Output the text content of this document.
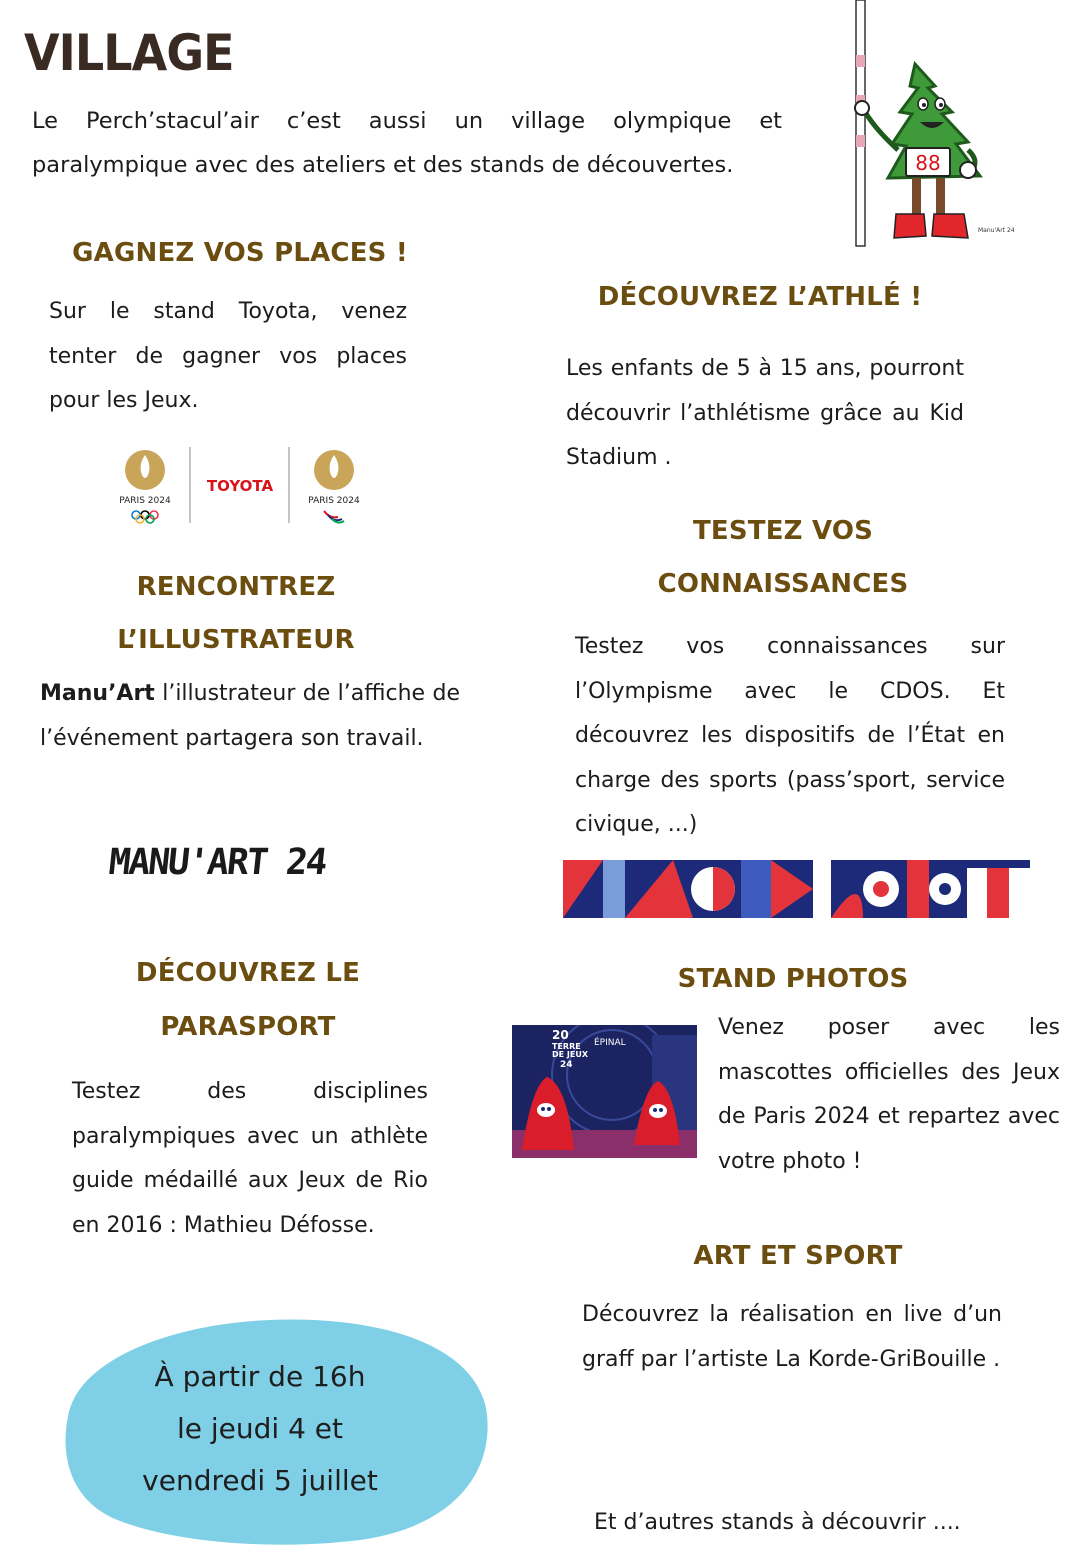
VILLAGE
Le Perch’stacul’air c’est aussi un village olympique et paralympique avec des ateliers et des stands de découvertes.	88
Manu'Art 24
GAGNEZ VOS PLACES !
Sur le stand Toyota, venez tenter de gagner vos places pour les Jeux.
PARIS 2024
TOYOTA
PARIS 2024
DÉCOUVREZ L’ATHLÉ !
Les enfants de 5 à 15 ans, pourront découvrir l’athlétisme grâce au Kid Stadium .
TESTEZ VOS
CONNAISSANCES
Testez vos connaissances sur l’Olympisme avec le CDOS. Et découvrez les dispositifs de l’État en charge des sports (pass’sport, service civique, ...)
RENCONTREZ
L’ILLUSTRATEUR
Manu’Art l’illustrateur de l’affiche de l’événement partagera son travail.
MANU'ART 24
DÉCOUVREZ LE
PARASPORT
Testez des disciplines paralympiques avec un athlète guide médaillé aux Jeux de Rio en 2016 : Mathieu Défosse.
STAND PHOTOS
20
TERRE
DE JEUX
24
ÉPINAL
Venez poser avec les mascottes officielles des Jeux de Paris 2024 et repartez avec votre photo !
ART ET SPORT
Découvrez la réalisation en live d’un graff par l’artiste La Korde-GriBouille .
À partir de 16h
le jeudi 4 et
vendredi 5 juillet
Et d’autres stands à découvrir ....
